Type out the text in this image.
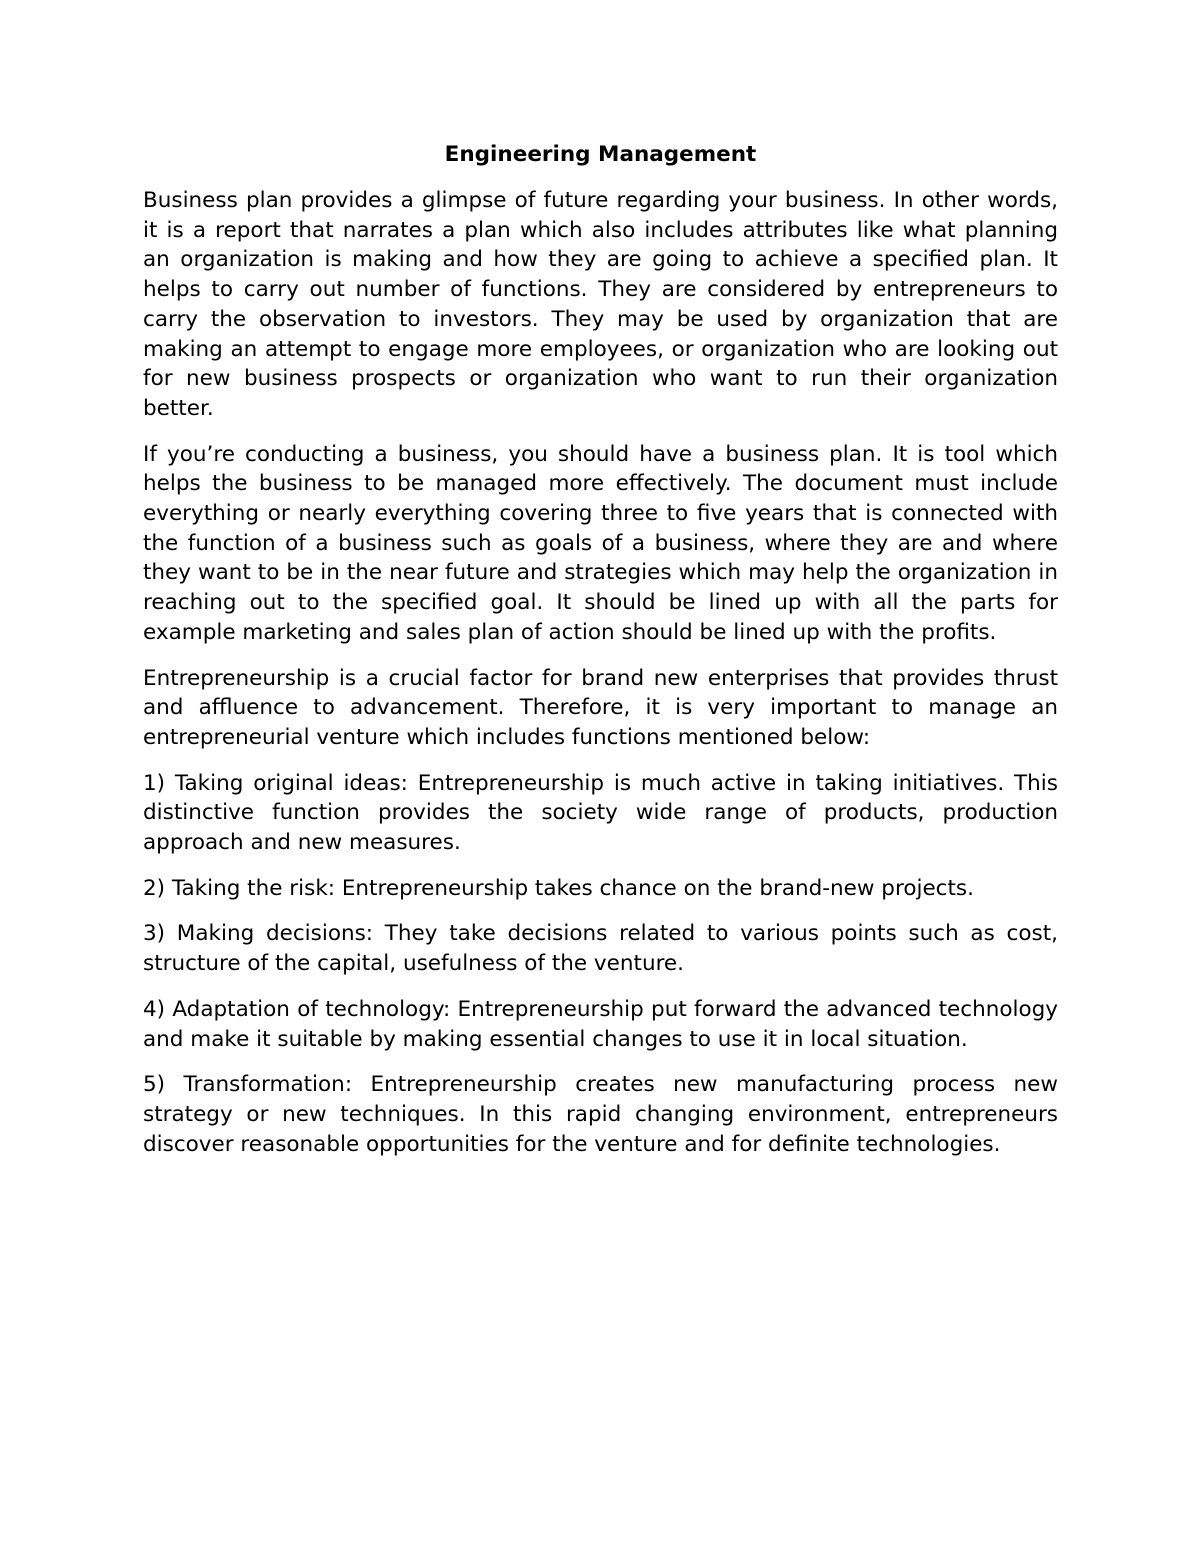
Engineering Management

Business plan provides a glimpse of future regarding your business. In other words, it is a report that narrates a plan which also includes attributes like what planning an organization is making and how they are going to achieve a specified plan. It helps to carry out number of functions. They are considered by entrepreneurs to carry the observation to investors. They may be used by organization that are making an attempt to engage more employees, or organization who are looking out for new business prospects or organization who want to run their organization better.

If you’re conducting a business, you should have a business plan. It is tool which helps the business to be managed more effectively. The document must include everything or nearly everything covering three to five years that is connected with the function of a business such as goals of a business, where they are and where they want to be in the near future and strategies which may help the organization in reaching out to the specified goal. It should be lined up with all the parts for example marketing and sales plan of action should be lined up with the profits.

Entrepreneurship is a crucial factor for brand new enterprises that provides thrust and affluence to advancement. Therefore, it is very important to manage an entrepreneurial venture which includes functions mentioned below:

1) Taking original ideas: Entrepreneurship is much active in taking initiatives. This distinctive function provides the society wide range of products, production approach and new measures.

2) Taking the risk: Entrepreneurship takes chance on the brand-new projects.

3) Making decisions: They take decisions related to various points such as cost, structure of the capital, usefulness of the venture.

4) Adaptation of technology: Entrepreneurship put forward the advanced technology and make it suitable by making essential changes to use it in local situation.

5) Transformation: Entrepreneurship creates new manufacturing process new strategy or new techniques. In this rapid changing environment, entrepreneurs discover reasonable opportunities for the venture and for definite technologies.
